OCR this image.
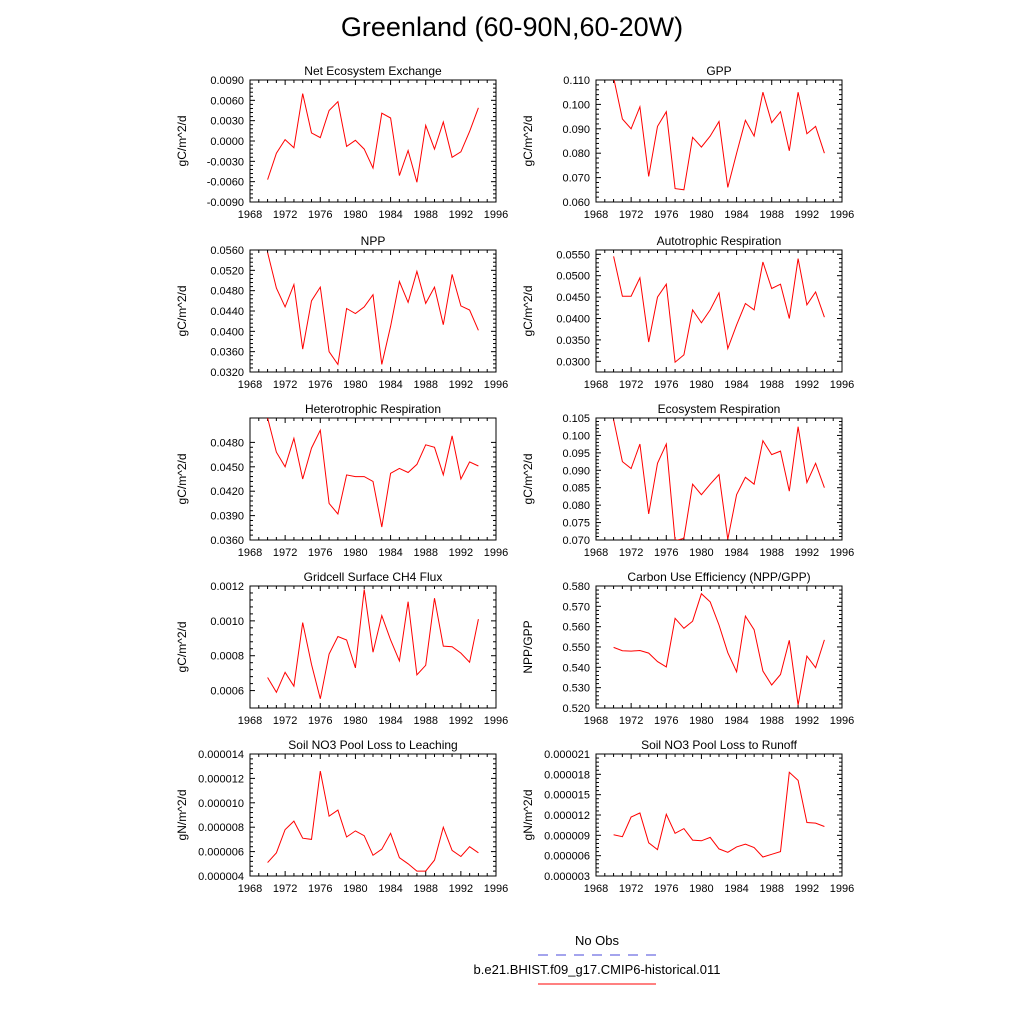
Greenland (60-90N,60-20W)
Net Ecosystem Exchange
gC/m^2/d
1968 1972 1976 1980 1984 1988 1992 1996
-0.0090
-0.0060
-0.0030
0.0000
0.0030
0.0060
0.0090
GPP
gC/m^2/d
1968 1972 1976 1980 1984 1988 1992 1996
0.060
0.070
0.080
0.090
0.100
0.110
NPP
gC/m^2/d
1968 1972 1976 1980 1984 1988 1992 1996
0.0320
0.0360
0.0400
0.0440
0.0480
0.0520
0.0560
Autotrophic Respiration
gC/m^2/d
1968 1972 1976 1980 1984 1988 1992 1996
0.0300
0.0350
0.0400
0.0450
0.0500
0.0550
Heterotrophic Respiration
gC/m^2/d
1968 1972 1976 1980 1984 1988 1992 1996
0.0360
0.0390
0.0420
0.0450
0.0480
Ecosystem Respiration
gC/m^2/d
1968 1972 1976 1980 1984 1988 1992 1996
0.070
0.075
0.080
0.085
0.090
0.095
0.100
0.105
Gridcell Surface CH4 Flux
gC/m^2/d
1968 1972 1976 1980 1984 1988 1992 1996
0.0006
0.0008
0.0010
0.0012
Carbon Use Efficiency (NPP/GPP)
NPP/GPP
1968 1972 1976 1980 1984 1988 1992 1996
0.520
0.530
0.540
0.550
0.560
0.570
0.580
Soil NO3 Pool Loss to Leaching
gN/m^2/d
1968 1972 1976 1980 1984 1988 1992 1996
0.000004
0.000006
0.000008
0.000010
0.000012
0.000014
Soil NO3 Pool Loss to Runoff
gN/m^2/d
1968 1972 1976 1980 1984 1988 1992 1996
0.000003
0.000006
0.000009
0.000012
0.000015
0.000018
0.000021
No Obs
b.e21.BHIST.f09_g17.CMIP6-historical.011
